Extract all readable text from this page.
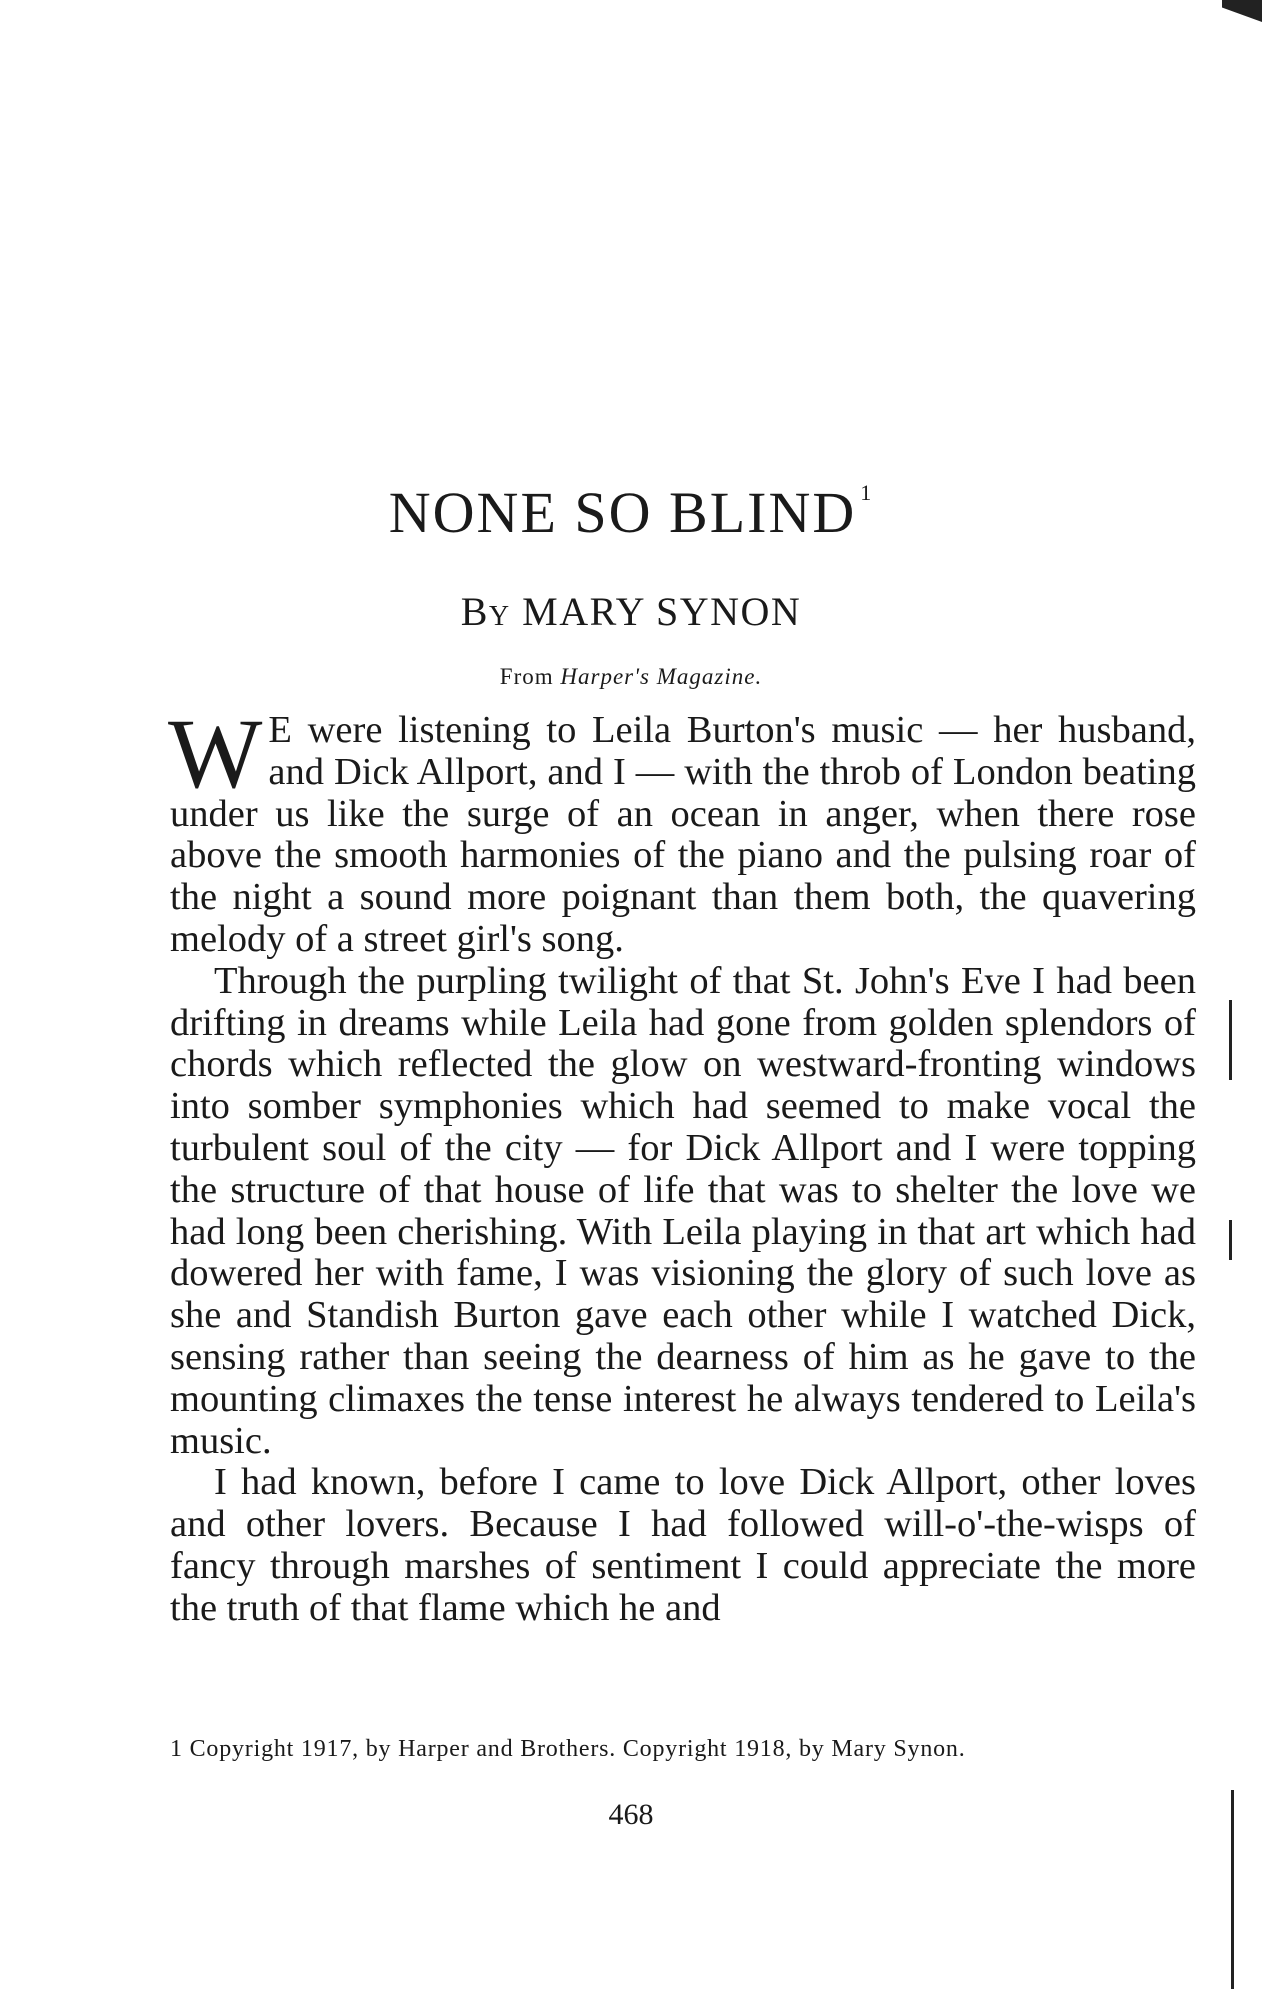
NONE SO BLIND $^1$
By MARY SYNON
From Harper's Magazine.

W E were listening to Leila Burton's music — her husband, and Dick Allport, and I — with the throb of London beating under us like the surge of an ocean in anger, when there rose above the smooth harmonies of the piano and the pulsing roar of the night a sound more poignant than them both, the quavering melody of a street girl's song.

Through the purpling twilight of that St. John's Eve I had been drifting in dreams while Leila had gone from golden splendors of chords which reflected the glow on westward-fronting windows into somber symphonies which had seemed to make vocal the turbulent soul of the city — for Dick Allport and I were topping the structure of that house of life that was to shelter the love we had long been cherishing. With Leila playing in that art which had dowered her with fame, I was visioning the glory of such love as she and Standish Burton gave each other while I watched Dick, sensing rather than seeing the dearness of him as he gave to the mounting climaxes the tense interest he always tendered to Leila's music.

I had known, before I came to love Dick Allport, other loves and other lovers. Because I had followed will-o'-the-wisps of fancy through marshes of sentiment I could appreciate the more the truth of that flame which he and

1 Copyright 1917, by Harper and Brothers. Copyright 1918, by Mary Synon.
468
